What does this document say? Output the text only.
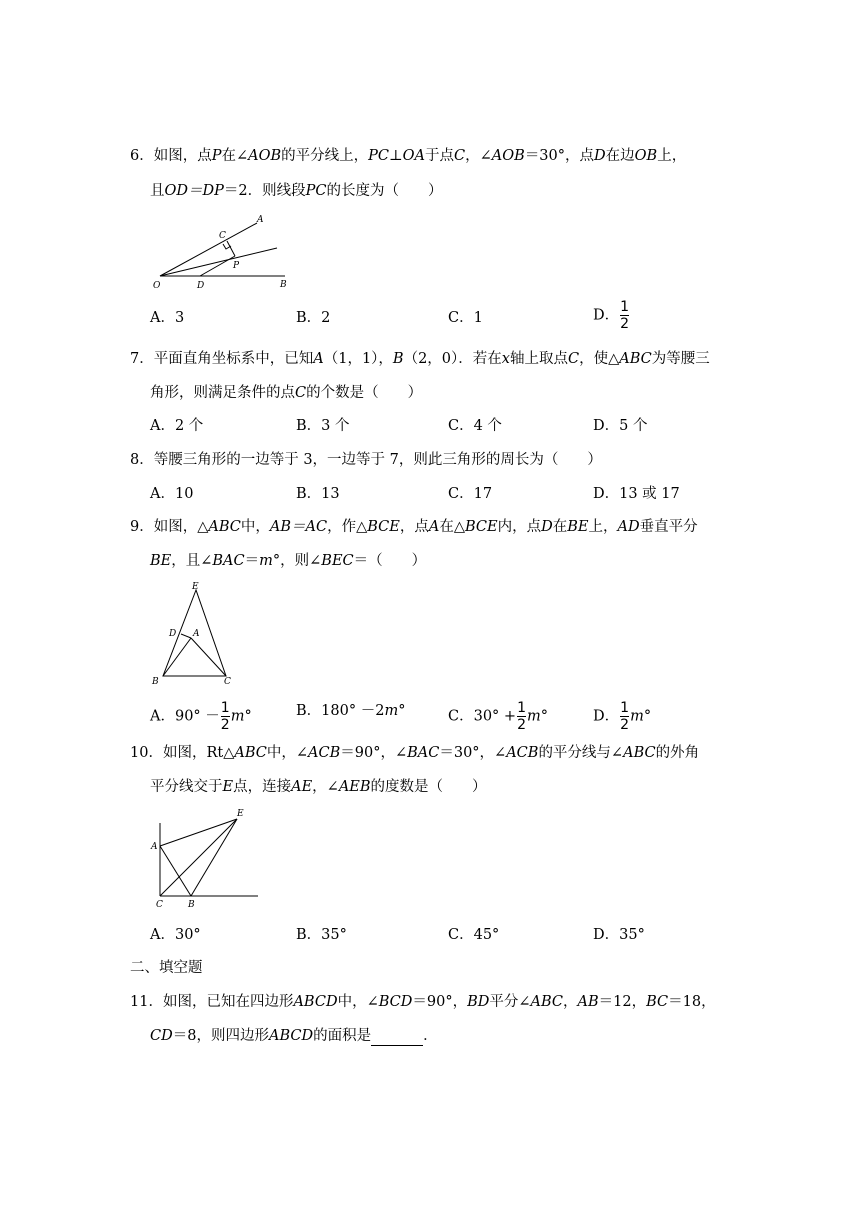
6．如图，点P在∠AOB的平分线上，PC⊥OA于点C，∠AOB＝30°，点D在边OB上，
且OD＝DP＝2．则线段PC的长度为（　　）
A
C
P
O	D	B
A．3	B．2	C．1	D． $\frac{1}{2}$
7．平面直角坐标系中，已知A（1，1），B（2，0）．若在x轴上取点C，使△ABC为等腰三
角形，则满足条件的点C的个数是（　　）
A．2 个	B．3 个	C．4 个	D．5 个
8．等腰三角形的一边等于 3，一边等于 7，则此三角形的周长为（　　）
A．10	B．13	C．17	D．13 或 17
9．如图，△ABC中，AB＝AC，作△BCE，点A在△BCE内，点D在BE上，AD垂直平分
BE，且∠BAC＝m°，则∠BEC＝（　　）
E
D A
B	C
A．$90^\circ - \frac{1}{2} m^\circ$	B．180° －2m°	C．$30^\circ + \frac{1}{2} m^\circ$	D． $\frac{1}{2} m^\circ$
10．如图，Rt△ABC中，∠ACB＝90°，∠BAC＝30°，∠ACB的平分线与∠ABC的外角
平分线交于E点，连接AE，∠AEB的度数是（　　）
E
A
C	B
A．30°	B．35°	C．45°	D．35°
二、填空题
11．如图，已知在四边形ABCD中，∠BCD＝90°，BD平分∠ABC，AB＝12，BC＝18，
CD＝8，则四边形ABCD的面积是	．
